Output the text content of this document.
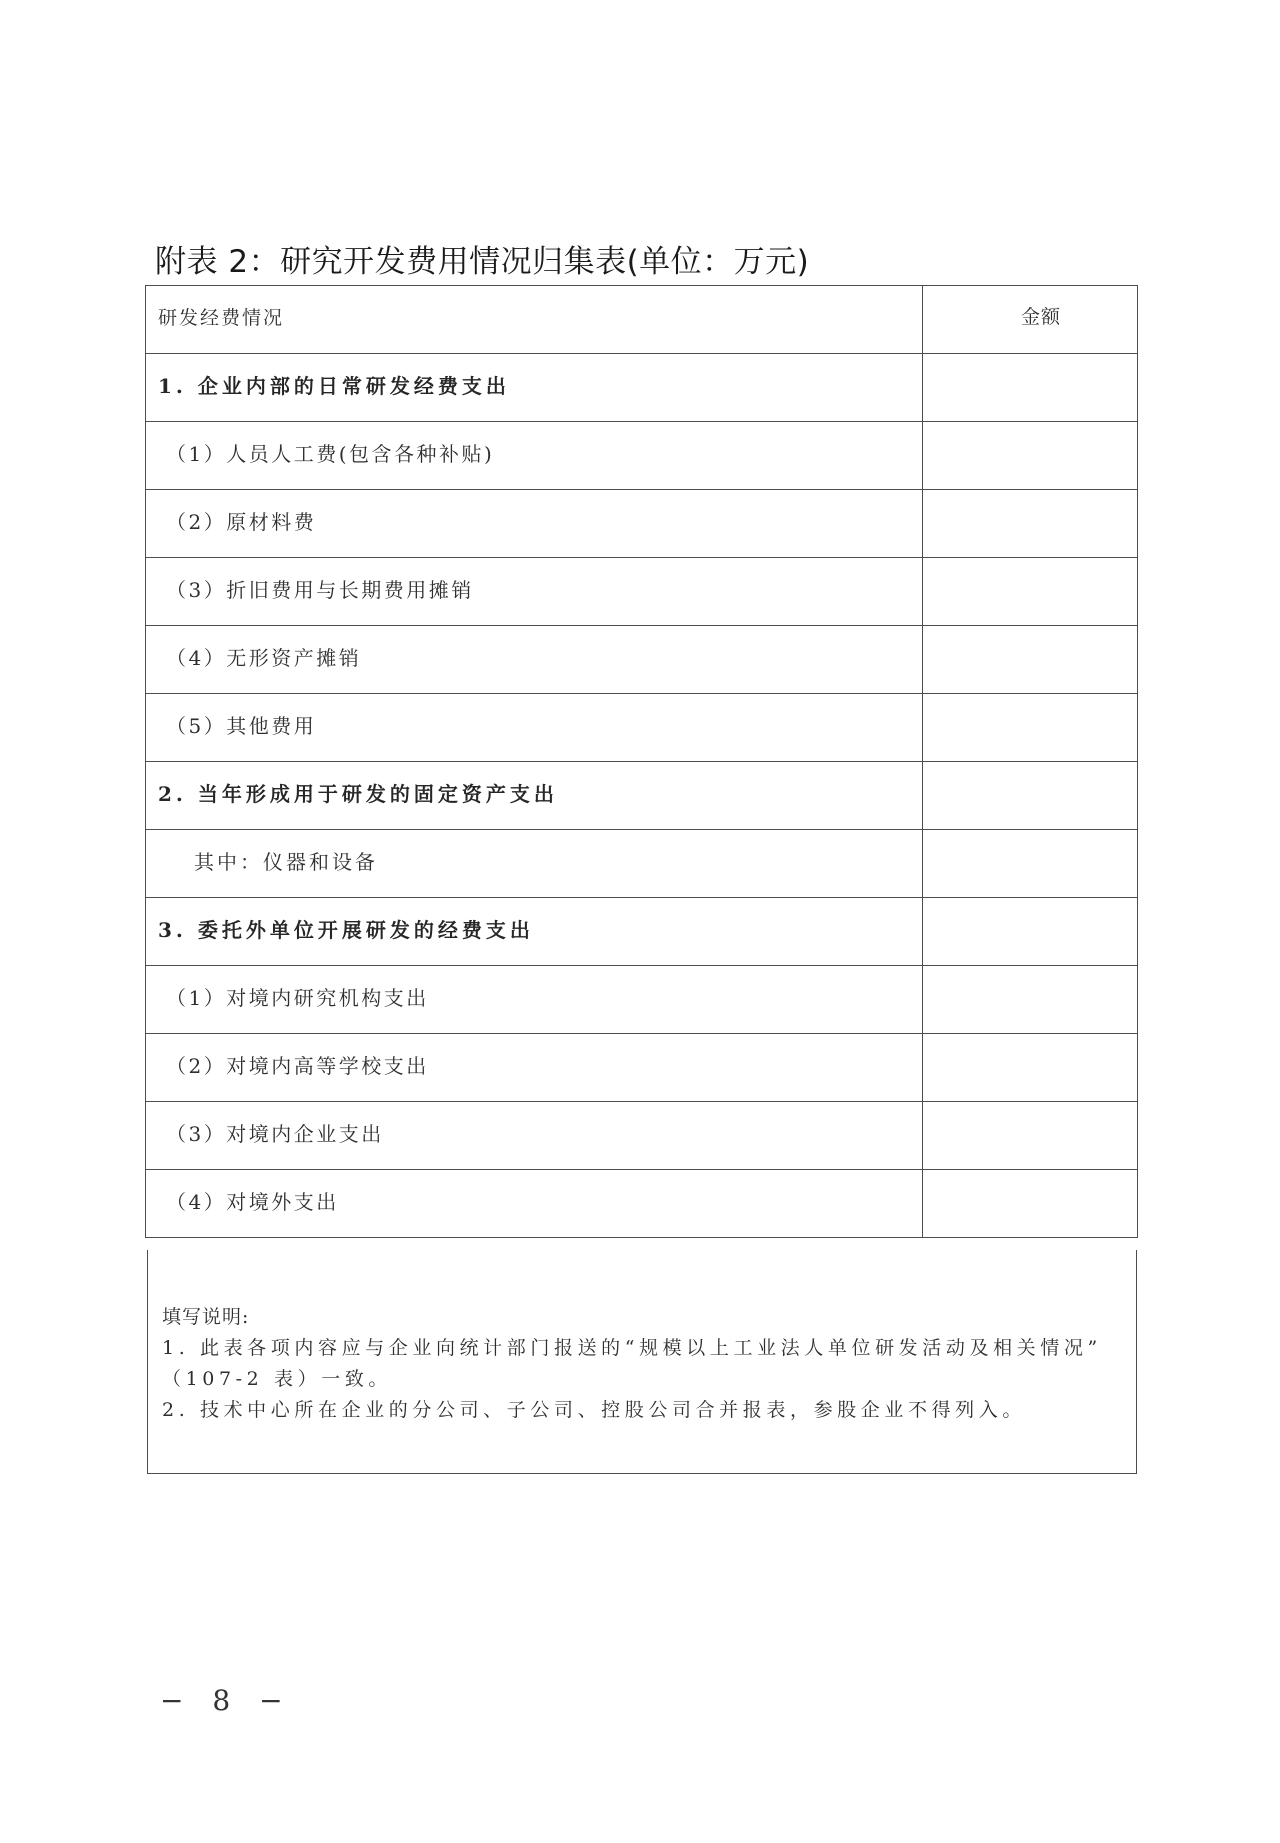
附表 2：研究开发费用情况归集表(单位：万元)
研发经费情况	金额

1. 企业内部的日常研发经费支出	

（1）人员人工费(包含各种补贴)	

（2）原材料费	

（3）折旧费用与长期费用摊销	

（4）无形资产摊销	

（5）其他费用	

2. 当年形成用于研发的固定资产支出	

其中：仪器和设备	

3. 委托外单位开展研发的经费支出	

（1）对境内研究机构支出	

（2）对境内高等学校支出	

（3）对境内企业支出	

（4）对境外支出	

填写说明:
1. 此表各项内容应与企业向统计部门报送的“规模以上工业法人单位研发活动及相关情况”
（107-2 表）一致。
2. 技术中心所在企业的分公司、子公司、控股公司合并报表，参股企业不得列入。
− 8 −
